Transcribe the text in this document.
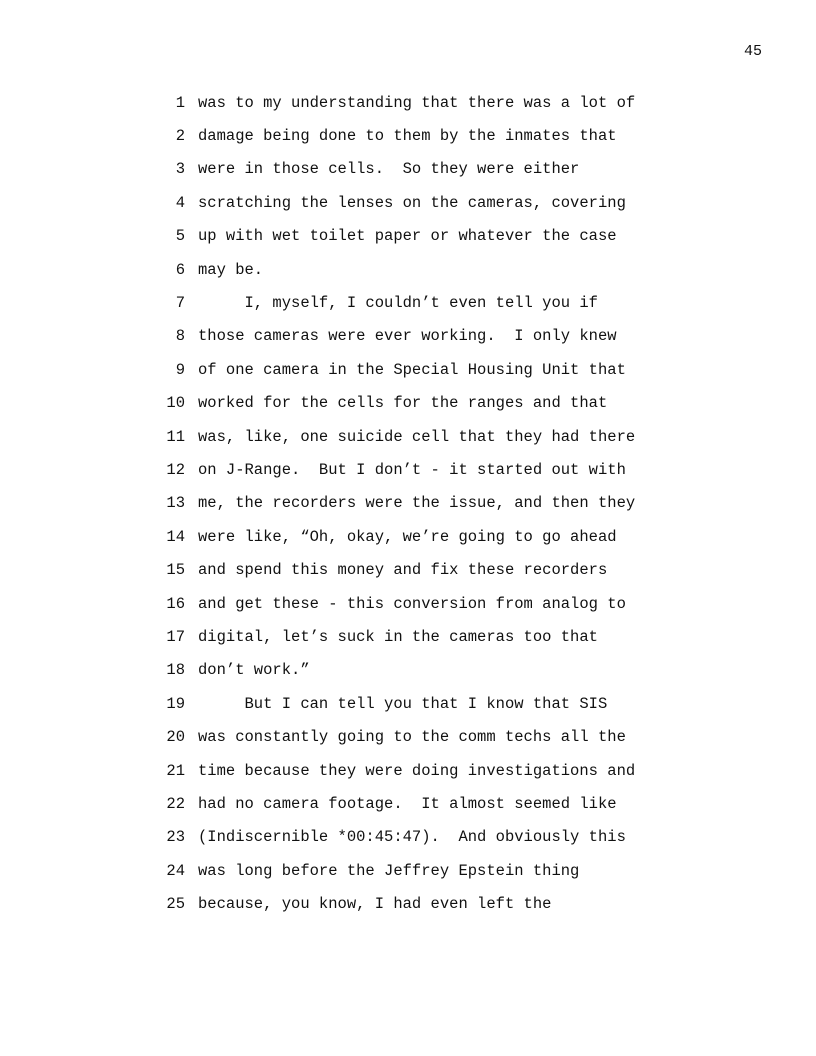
45
1 was to my understanding that there was a lot of
2 damage being done to them by the inmates that
3 were in those cells.  So they were either
4 scratching the lenses on the cameras, covering
5 up with wet toilet paper or whatever the case
6 may be.
7 I, myself, I couldn’t even tell you if
8 those cameras were ever working.  I only knew
9 of one camera in the Special Housing Unit that
10 worked for the cells for the ranges and that
11 was, like, one suicide cell that they had there
12 on J-Range.  But I don’t - it started out with
13 me, the recorders were the issue, and then they
14 were like, “Oh, okay, we’re going to go ahead
15 and spend this money and fix these recorders
16 and get these - this conversion from analog to
17 digital, let’s suck in the cameras too that
18 don’t work.”
19 But I can tell you that I know that SIS
20 was constantly going to the comm techs all the
21 time because they were doing investigations and
22 had no camera footage.  It almost seemed like
23 (Indiscernible *00:45:47).  And obviously this
24 was long before the Jeffrey Epstein thing
25 because, you know, I had even left the
